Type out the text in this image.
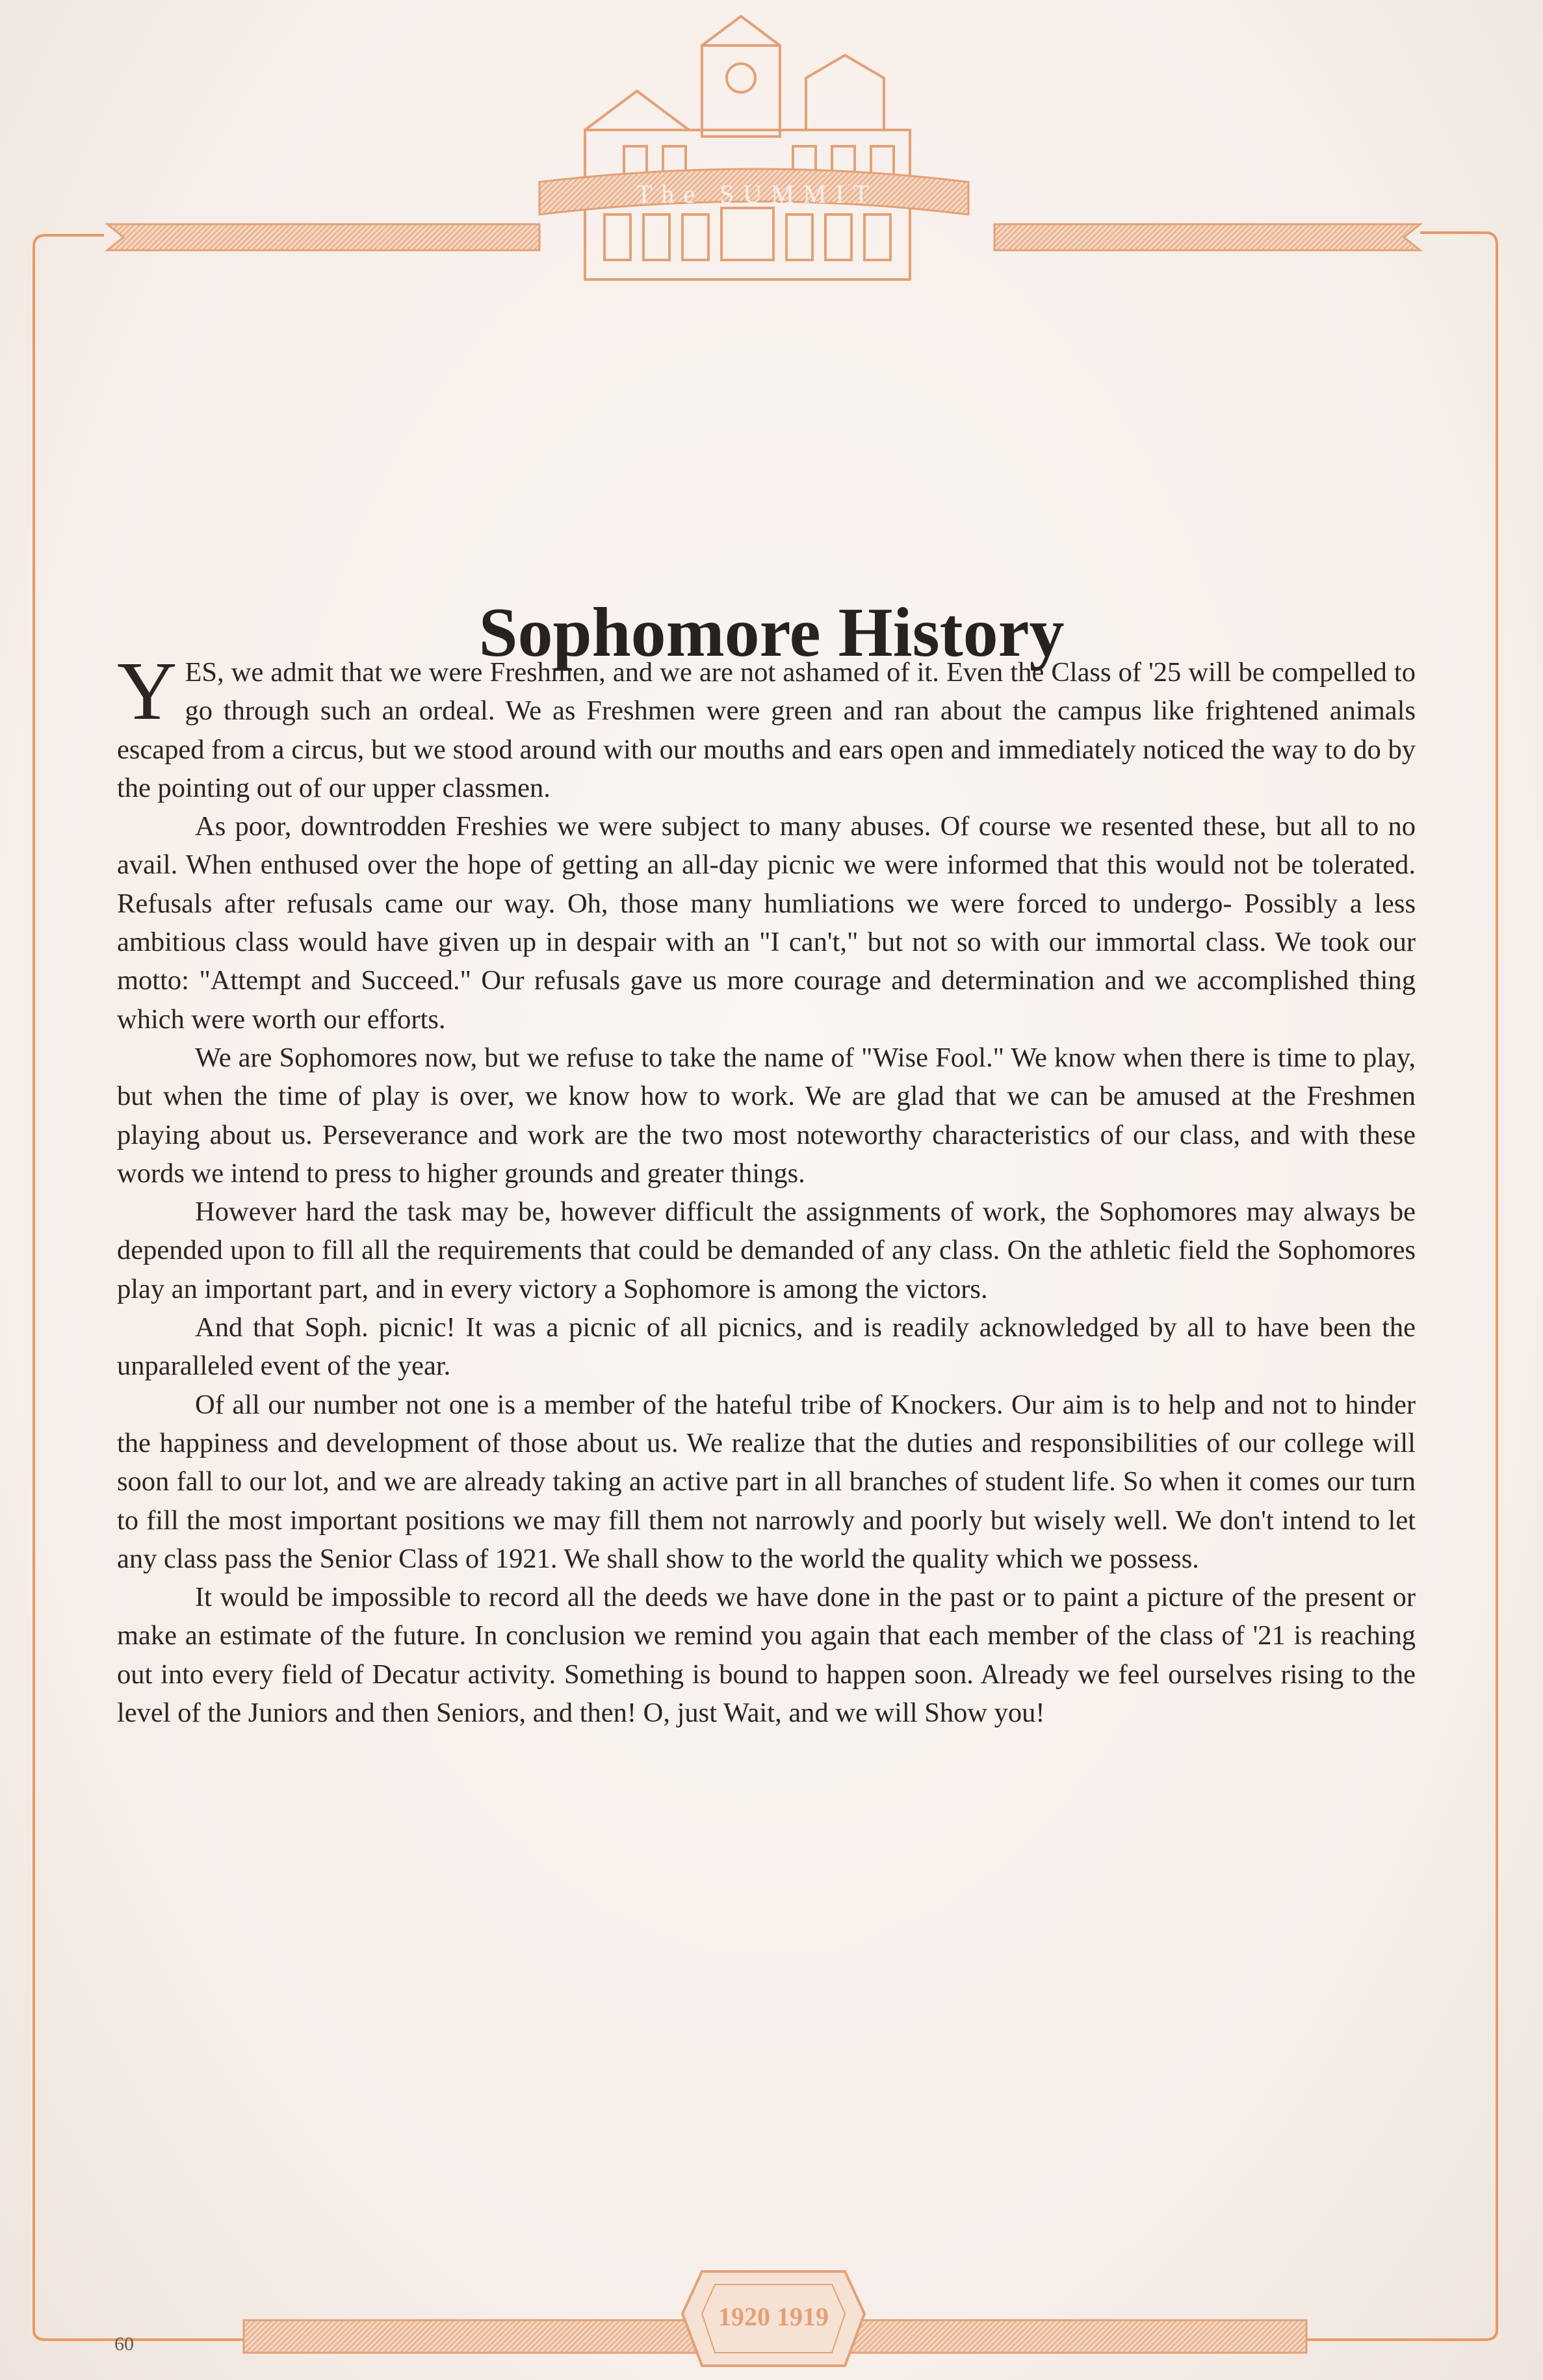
The SUMMIT
1920 1919
Sophomore History

YES, we admit that we were Freshmen, and we are not ashamed of it. Even the Class of '25 will be compelled to go through such an ordeal. We as Freshmen were green and ran about the campus like frightened animals escaped from a circus, but we stood around with our mouths and ears open and immediately noticed the way to do by the pointing out of our upper classmen.

As poor, downtrodden Freshies we were subject to many abuses. Of course we resented these, but all to no avail. When enthused over the hope of getting an all-day picnic we were informed that this would not be tolerated. Refusals after refusals came our way. Oh, those many humliations we were forced to undergo- Possibly a less ambitious class would have given up in despair with an "I can't," but not so with our immortal class. We took our motto: "Attempt and Succeed." Our refusals gave us more courage and determination and we accomplished thing which were worth our efforts.

We are Sophomores now, but we refuse to take the name of "Wise Fool." We know when there is time to play, but when the time of play is over, we know how to work. We are glad that we can be amused at the Freshmen playing about us. Perseverance and work are the two most noteworthy characteristics of our class, and with these words we intend to press to higher grounds and greater things.

However hard the task may be, however difficult the assignments of work, the Sophomores may always be depended upon to fill all the requirements that could be demanded of any class. On the athletic field the Sophomores play an important part, and in every victory a Sophomore is among the victors.

And that Soph. picnic! It was a picnic of all picnics, and is readily acknowledged by all to have been the unparalleled event of the year.

Of all our number not one is a member of the hateful tribe of Knockers. Our aim is to help and not to hinder the happiness and development of those about us. We realize that the duties and responsibilities of our college will soon fall to our lot, and we are already taking an active part in all branches of student life. So when it comes our turn to fill the most important positions we may fill them not narrowly and poorly but wisely well. We don't intend to let any class pass the Senior Class of 1921. We shall show to the world the quality which we possess.

It would be impossible to record all the deeds we have done in the past or to paint a picture of the present or make an estimate of the future. In conclusion we remind you again that each member of the class of '21 is reaching out into every field of Decatur activity. Something is bound to happen soon. Already we feel ourselves rising to the level of the Juniors and then Seniors, and then! O, just Wait, and we will Show you!

60
